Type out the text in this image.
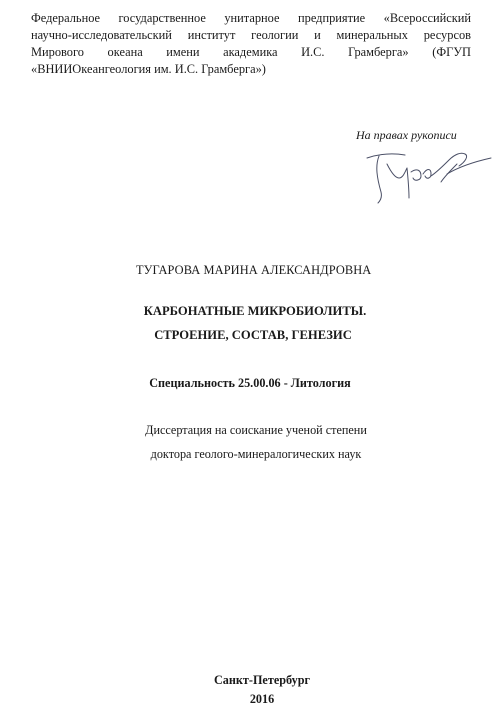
Федеральное государственное унитарное предприятие «Всероссийский
научно-исследовательский институт геологии и минеральных ресурсов
Мирового океана имени академика И.С. Грамберга» (ФГУП
«ВНИИОкеангеология им. И.С. Грамберга»)
На правах рукописи
ТУГАРОВА МАРИНА АЛЕКСАНДРОВНА
КАРБОНАТНЫЕ МИКРОБИОЛИТЫ.
СТРОЕНИЕ, СОСТАВ, ГЕНЕЗИС
Специальность 25.00.06 - Литология
Диссертация на соискание ученой степени
доктора геолого-минералогических наук
Санкт-Петербург
2016
